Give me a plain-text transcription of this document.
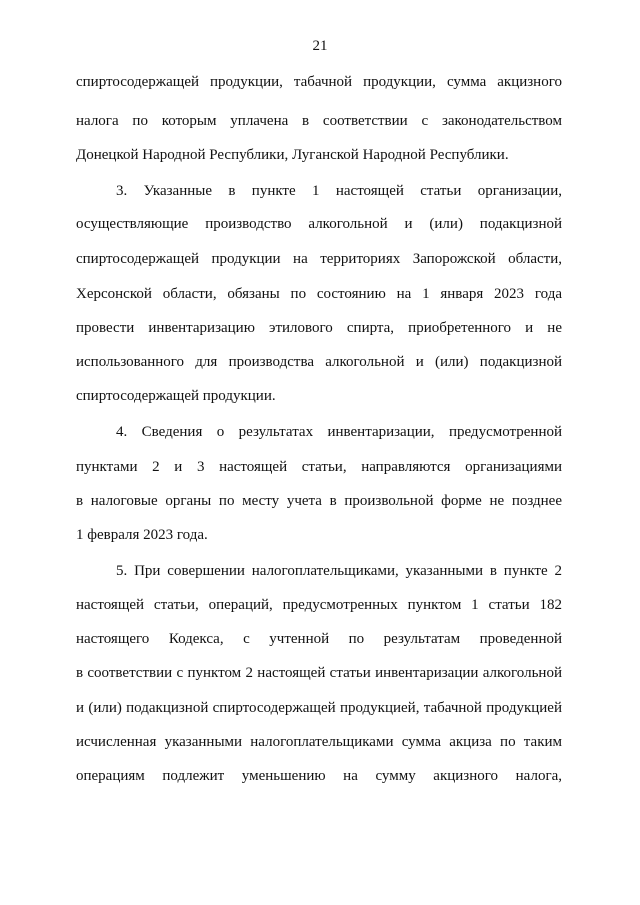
21
спиртосодержащей продукции, табачной продукции, сумма акцизного
налога по которым уплачена в соответствии с законодательством
Донецкой Народной Республики, Луганской Народной Республики.
3. Указанные в пункте 1 настоящей статьи организации,
осуществляющие производство алкогольной и (или) подакцизной
спиртосодержащей продукции на территориях Запорожской области,
Херсонской области, обязаны по состоянию на 1 января 2023 года
провести инвентаризацию этилового спирта, приобретенного и не
использованного для производства алкогольной и (или) подакцизной
спиртосодержащей продукции.
4. Сведения о результатах инвентаризации, предусмотренной
пунктами 2 и 3 настоящей статьи, направляются организациями
в налоговые органы по месту учета в произвольной форме не позднее
1 февраля 2023 года.
5. При совершении налогоплательщиками, указанными в пункте 2
настоящей статьи, операций, предусмотренных пунктом 1 статьи 182
настоящего Кодекса, с учтенной по результатам проведенной
в соответствии с пунктом 2 настоящей статьи инвентаризации алкогольной
и (или) подакцизной спиртосодержащей продукцией, табачной продукцией
исчисленная указанными налогоплательщиками сумма акциза по таким
операциям подлежит уменьшению на сумму акцизного налога,
